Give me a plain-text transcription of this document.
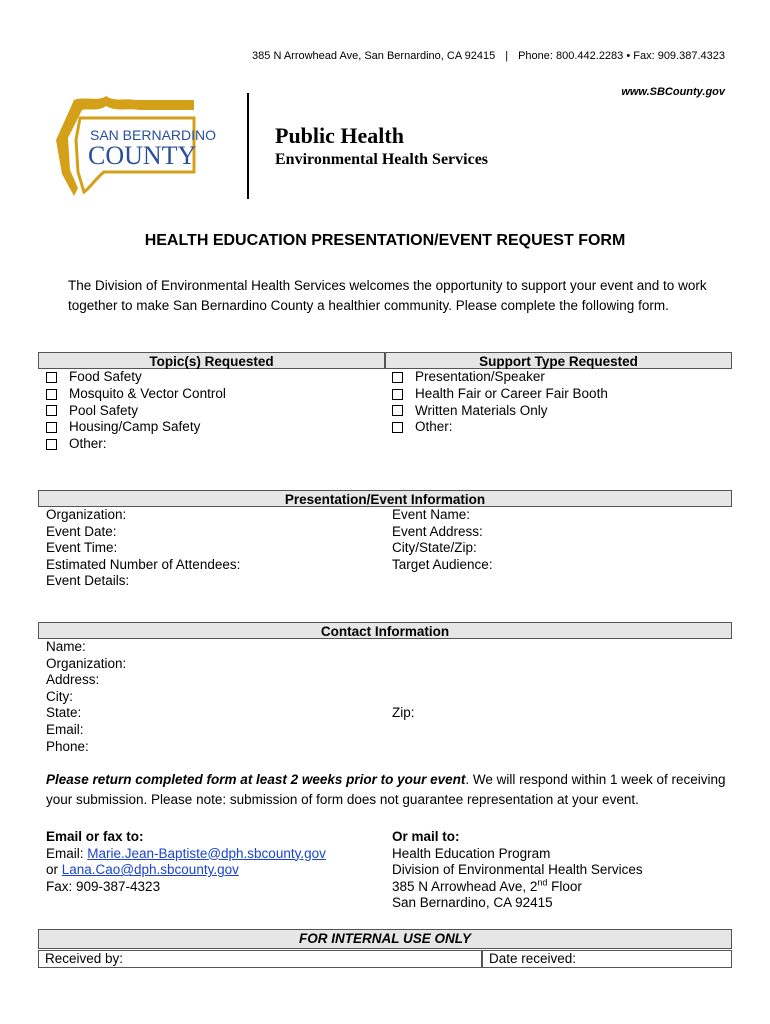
385 N Arrowhead Ave, San Bernardino, CA 92415 | Phone: 800.442.2283 • Fax: 909.387.4323
www.SBCounty.gov
SAN BERNARDINO
COUNTY
Public Health
Environmental Health Services
HEALTH EDUCATION PRESENTATION/EVENT REQUEST FORM
The Division of Environmental Health Services welcomes the opportunity to support your event and to work together to make San Bernardino County a healthier community. Please complete the following form.
Topic(s) Requested	Support Type Requested
Food Safety
Mosquito & Vector Control
Pool Safety
Housing/Camp Safety
Other:
Presentation/Speaker
Health Fair or Career Fair Booth
Written Materials Only
Other:
Presentation/Event Information
Organization:
Event Date:
Event Time:
Estimated Number of Attendees:
Event Details:
Event Name:
Event Address:
City/State/Zip:
Target Audience:
Contact Information
Name:
Organization:
Address:
City:
State:
Email:
Phone:
Zip:
Please return completed form at least 2 weeks prior to your event. We will respond within 1 week of receiving your submission. Please note: submission of form does not guarantee representation at your event.
Email or fax to:
Email: Marie.Jean-Baptiste@dph.sbcounty.gov
or Lana.Cao@dph.sbcounty.gov
Fax: 909-387-4323
Or mail to:
Health Education Program
Division of Environmental Health Services
385 N Arrowhead Ave, 2nd Floor
San Bernardino, CA 92415
FOR INTERNAL USE ONLY
Received by:	Date received:
